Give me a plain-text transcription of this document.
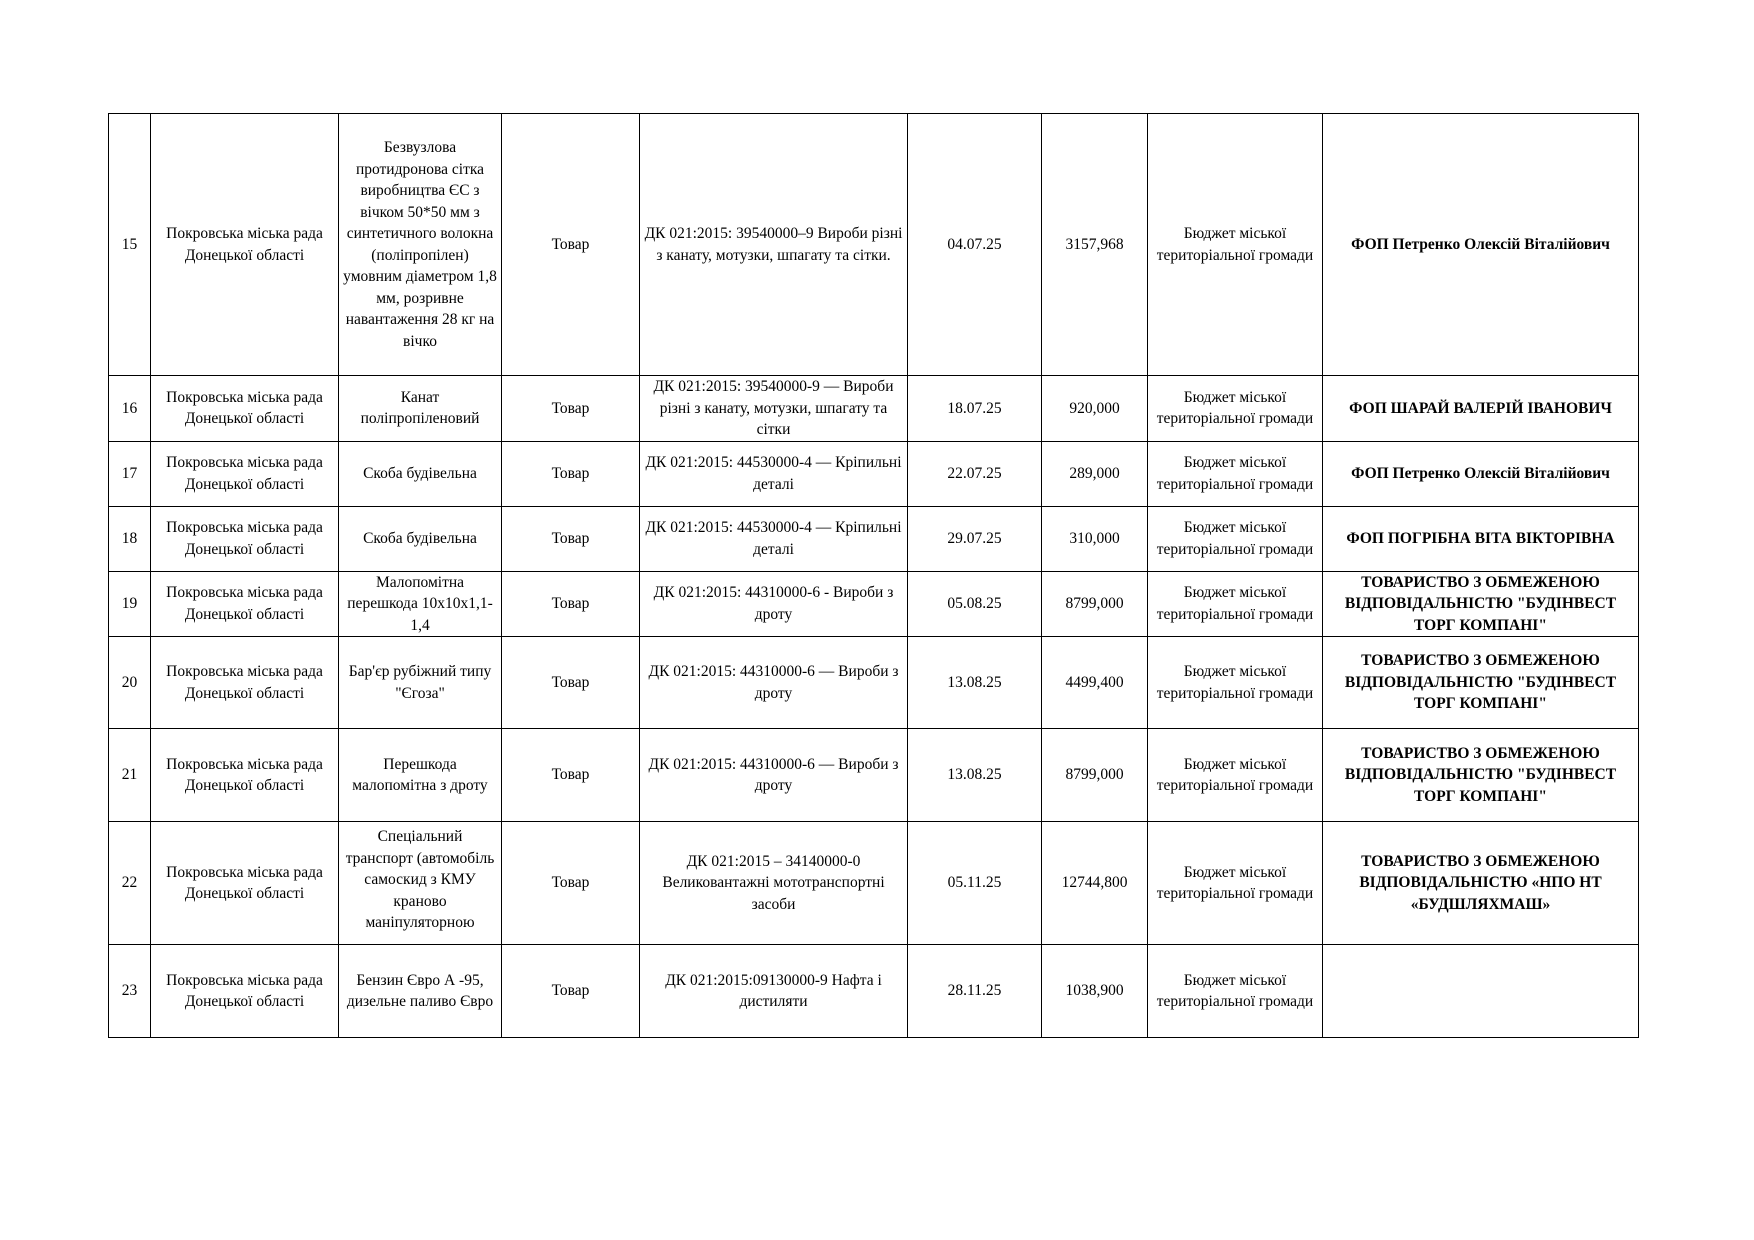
15	Покровська міська рада Донецької області	Безвузлова протидронова сітка виробництва ЄС з вічком 50*50 мм з синтетичного волокна (поліпропілен) умовним діаметром 1,8 мм, розривне навантаження 28 кг на вічко	Товар	ДК 021:2015: 39540000–9 Вироби різні з канату, мотузки, шпагату та сітки.	04.07.25	3157,968	Бюджет міської територіальної громади	ФОП Петренко Олексій Віталійович
16	Покровська міська рада Донецької області	Канат поліпропіленовий	Товар	ДК 021:2015: 39540000-9 — Вироби різні з канату, мотузки, шпагату та сітки	18.07.25	920,000	Бюджет міської територіальної громади	ФОП ШАРАЙ ВАЛЕРІЙ ІВАНОВИЧ
17	Покровська міська рада Донецької області	Скоба будівельна	Товар	ДК 021:2015: 44530000-4 — Кріпильні деталі	22.07.25	289,000	Бюджет міської територіальної громади	ФОП Петренко Олексій Віталійович
18	Покровська міська рада Донецької області	Скоба будівельна	Товар	ДК 021:2015: 44530000-4 — Кріпильні деталі	29.07.25	310,000	Бюджет міської територіальної громади	ФОП ПОГРІБНА ВІТА ВІКТОРІВНА
19	Покровська міська рада Донецької області	Малопомітна перешкода 10х10х1,1-1,4	Товар	ДК 021:2015: 44310000-6 - Вироби з дроту	05.08.25	8799,000	Бюджет міської територіальної громади	ТОВАРИСТВО З ОБМЕЖЕНОЮ ВІДПОВІДАЛЬНІСТЮ "БУДІНВЕСТ ТОРГ КОМПАНІ"
20	Покровська міська рада Донецької області	Бар'єр рубіжний типу "Єгоза"	Товар	ДК 021:2015: 44310000-6 — Вироби з дроту	13.08.25	4499,400	Бюджет міської територіальної громади	ТОВАРИСТВО З ОБМЕЖЕНОЮ ВІДПОВІДАЛЬНІСТЮ "БУДІНВЕСТ ТОРГ КОМПАНІ"
21	Покровська міська рада Донецької області	Перешкода малопомітна з дроту	Товар	ДК 021:2015: 44310000-6 — Вироби з дроту	13.08.25	8799,000	Бюджет міської територіальної громади	ТОВАРИСТВО З ОБМЕЖЕНОЮ ВІДПОВІДАЛЬНІСТЮ "БУДІНВЕСТ ТОРГ КОМПАНІ"
22	Покровська міська рада Донецької області	Спеціальний транспорт (автомобіль самоскид з КМУ краново маніпуляторною	Товар	ДК 021:2015 – 34140000-0 Великовантажні мототранспортні засоби	05.11.25	12744,800	Бюджет міської територіальної громади	ТОВАРИСТВО З ОБМЕЖЕНОЮ ВІДПОВІДАЛЬНІСТЮ «НПО НТ «БУДШЛЯХМАШ»
23	Покровська міська рада Донецької області	Бензин Євро А -95, дизельне паливо Євро	Товар	ДК 021:2015:09130000-9 Нафта і дистиляти	28.11.25	1038,900	Бюджет міської територіальної громади	
